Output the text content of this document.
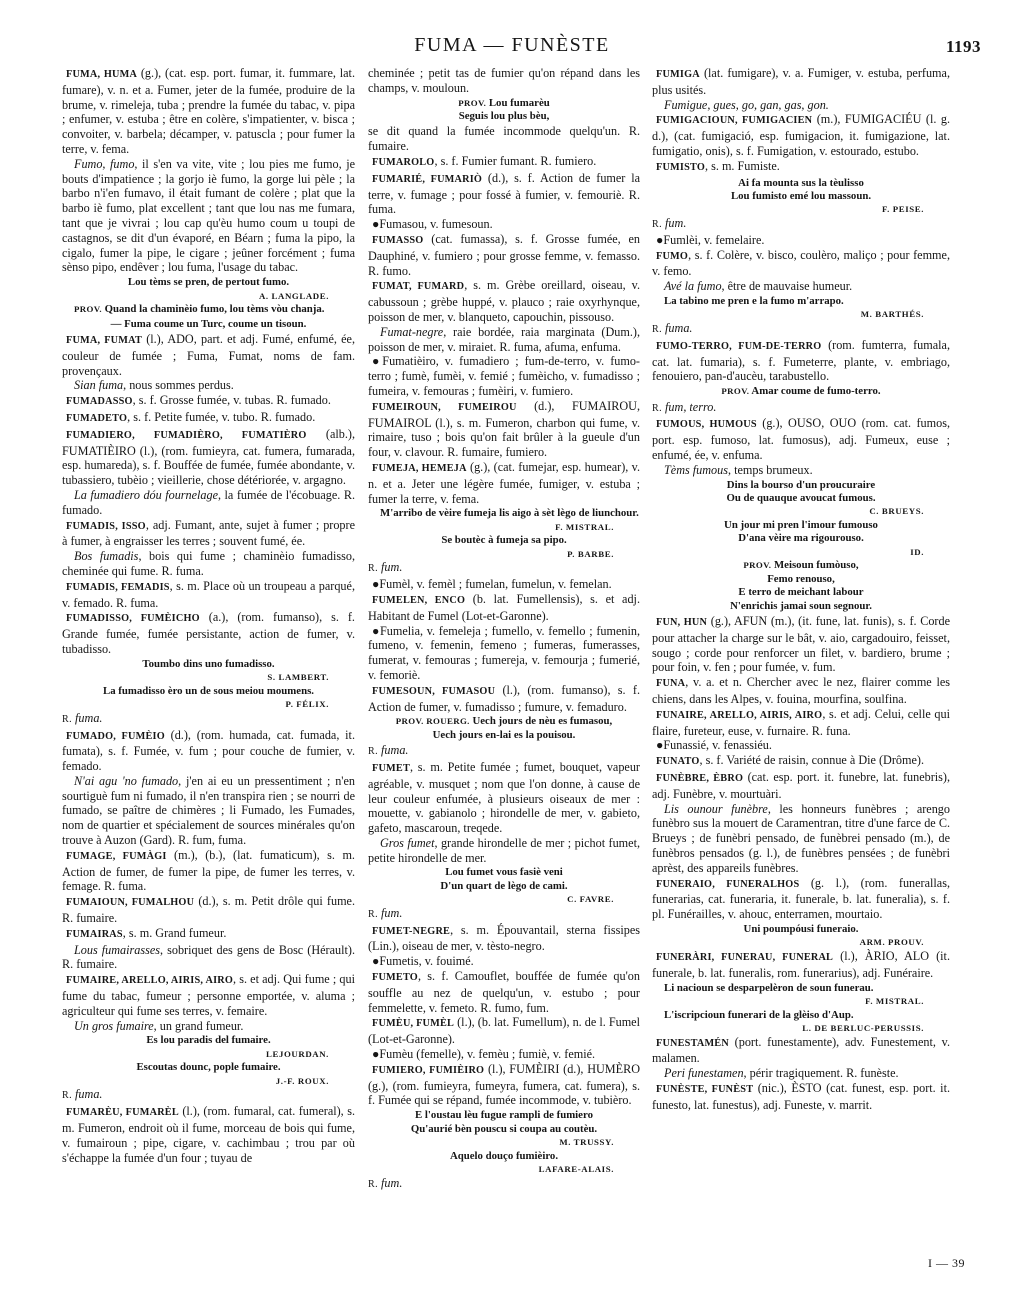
FUMA — FUNÈSTE	1193
FUMA, HUMA (g.), (cat. esp. port. fumar, it. fummare, lat. fumare), v. n. et a. Fumer, jeter de la fumée, produire de la brume, v. rimeleja, tuba ; prendre la fumée du tabac, v. pipa ; enfumer, v. estuba ; être en colère, s'impatienter, v. bisca ; convoiter, v. barbela; décamper, v. patuscla ; pour fumer la terre, v. fema.
Fumo, fumo, il s'en va vite, vite ; lou pies me fumo, je bouts d'impatience ; la gorjo iè fumo, la gorge lui pèle ; la barbo n'i'en fumavo, il était fumant de colère ; plat que la barbo iè fumo, plat excellent ; tant que lou nas me fumara, tant que je vivrai ; lou cap qu'èu humo coum u toupi de castagnos, se dit d'un évaporé, en Béarn ; fuma la pipo, la cigalo, fumer la pipe, le cigare ; jeûner forcément ; fuma sènso pipo, endêver ; lou fuma, l'usage du tabac.
Lou tèms se pren, de pertout fumo.
A. LANGLADE.
PROV. Quand la chaminèio fumo, lou tèms vòu chanja.
— Fuma coume un Turc, coume un tisoun.
FUMA, FUMAT (l.), ADO, part. et adj. Fumé, enfumé, ée, couleur de fumée ; Fuma, Fumat, noms de fam. provençaux.
Sian fuma, nous sommes perdus.
FUMADASSO, s. f. Grosse fumée, v. tubas. R. fumado.
FUMADETO, s. f. Petite fumée, v. tubo. R. fumado.
FUMADIERO, FUMADIÈRO, FUMATIÈRO (alb.), FUMATIÈIRO (l.), (rom. fumieyra, cat. fumera, fumarada, esp. humareda), s. f. Bouffée de fumée, fumée abondante, v. tubassiero, tubèio ; vieillerie, chose détériorée, v. argagno.
La fumadiero dóu fournelage, la fumée de l'écobuage. R. fumado.
FUMADIS, ISSO, adj. Fumant, ante, sujet à fumer ; propre à fumer, à engraisser les terres ; souvent fumé, ée.
Bos fumadis, bois qui fume ; chaminèio fumadisso, cheminée qui fume. R. fuma.
FUMADIS, FEMADIS, s. m. Place où un troupeau a parqué, v. femado. R. fuma.
FUMADISSO, FUMÈICHO (a.), (rom. fumanso), s. f. Grande fumée, fumée persistante, action de fumer, v. tubadisso.
Toumbo dins uno fumadisso.
S. LAMBERT.
La fumadisso èro un de sous meiou moumens.
P. FÉLIX.
R. fuma.
FUMADO, FUMÈIO (d.), (rom. humada, cat. fumada, it. fumata), s. f. Fumée, v. fum ; pour couche de fumier, v. femado.
N'ai agu 'no fumado, j'en ai eu un pressentiment ; n'en sourtiguè fum ni fumado, il n'en transpira rien ; se nourri de fumado, se paître de chimères ; li Fumado, les Fumades, nom de quartier et spécialement de sources minérales qu'on trouve à Auzon (Gard). R. fum, fuma.
FUMAGE, FUMÀGI (m.), (b.), (lat. fumaticum), s. m. Action de fumer, de fumer la pipe, de fumer les terres, v. femage. R. fuma.
FUMAIOUN, FUMALHOU (d.), s. m. Petit drôle qui fume. R. fumaire.
FUMAIRAS, s. m. Grand fumeur.
Lous fumairasses, sobriquet des gens de Bosc (Hérault). R. fumaire.
FUMAIRE, ARELLO, AIRIS, AIRO, s. et adj. Qui fume ; qui fume du tabac, fumeur ; personne emportée, v. aluma ; agriculteur qui fume ses terres, v. femaire.
Un gros fumaire, un grand fumeur.
Es lou paradis del fumaire.
LEJOURDAN.
Escoutas dounc, pople fumaire.
J.-F. ROUX.
R. fuma.
FUMARÈU, FUMARÈL (l.), (rom. fumaral, cat. fumeral), s. m. Fumeron, endroit où il fume, morceau de bois qui fume, v. fumairoun ; pipe, cigare, v. cachimbau ; trou par où s'échappe la fumée d'un four ; tuyau de
cheminée ; petit tas de fumier qu'on répand dans les champs, v. mouloun.
PROV. Lou fumarèu
Seguis lou plus bèu,
se dit quand la fumée incommode quelqu'un. R. fumaire.
FUMAROLO, s. f. Fumier fumant. R. fumiero.
FUMARIÉ, FUMARIÒ (d.), s. f. Action de fumer la terre, v. fumage ; pour fossé à fumier, v. femouriè. R. fuma.
●Fumasou, v. fumesoun.
FUMASSO (cat. fumassa), s. f. Grosse fumée, en Dauphiné, v. fumiero ; pour grosse femme, v. femasso. R. fumo.
FUMAT, FUMARD, s. m. Grèbe oreillard, oiseau, v. cabussoun ; grèbe huppé, v. plauco ; raie oxyrhynque, poisson de mer, v. blanqueto, capouchin, pissouso.
Fumat-negre, raie bordée, raia marginata (Dum.), poisson de mer, v. miraiet. R. fuma, afuma, enfuma.
●Fumatièiro, v. fumadiero ; fum-de-terro, v. fumo-terro ; fumè, fumèi, v. femié ; fumèicho, v. fumadisso ; fumeira, v. femouras ; fumèiri, v. fumiero.
FUMEIROUN, FUMEIROU (d.), FUMAIROU, FUMAIROL (l.), s. m. Fumeron, charbon qui fume, v. rimaire, tuso ; bois qu'on fait brûler à la gueule d'un four, v. clavour. R. fumaire, fumiero.
FUMEJA, HEMEJA (g.), (cat. fumejar, esp. humear), v. n. et a. Jeter une légère fumée, fumiger, v. estuba ; fumer la terre, v. fema.
M'arribo de vèire fumeja lis aigo à sèt lègo de liunchour.
F. MISTRAL.
Se boutèc à fumeja sa pipo.
P. BARBE.
R. fum.
●Fumèl, v. femèl ; fumelan, fumelun, v. femelan.
FUMELEN, ENCO (b. lat. Fumellensis), s. et adj. Habitant de Fumel (Lot-et-Garonne).
●Fumelia, v. femeleja ; fumello, v. femello ; fumenin, fumeno, v. femenin, femeno ; fumeras, fumerasses, fumerat, v. femouras ; fumereja, v. femourja ; fumerié, v. femoriè.
FUMESOUN, FUMASOU (l.), (rom. fumanso), s. f. Action de fumer, v. fumadisso ; fumure, v. femaduro.
PROV. ROUERG. Uech jours de nèu es fumasou,
Uech jours en-lai es la pouisou.
R. fuma.
FUMET, s. m. Petite fumée ; fumet, bouquet, vapeur agréable, v. musquet ; nom que l'on donne, à cause de leur couleur enfumée, à plusieurs oiseaux de mer : mouette, v. gabianolo ; hirondelle de mer, v. gabieto, gafeto, mascaroun, treqede.
Gros fumet, grande hirondelle de mer ; pichot fumet, petite hirondelle de mer.
Lou fumet vous fasiè veni
D'un quart de lègo de cami.
C. FAVRE.
R. fum.
FUMET-NEGRE, s. m. Épouvantail, sterna fissipes (Lin.), oiseau de mer, v. tèsto-negro.
●Fumetis, v. fouimé.
FUMETO, s. f. Camouflet, bouffée de fumée qu'on souffle au nez de quelqu'un, v. estubo ; pour femmelette, v. femeto. R. fumo, fum.
FUMÈU, FUMÈL (l.), (b. lat. Fumellum), n. de l. Fumel (Lot-et-Garonne).
●Fumèu (femelle), v. femèu ; fumiè, v. femié.
FUMIERO, FUMIÈIRO (l.), FUMÈIRI (d.), HUMÈRO (g.), (rom. fumieyra, fumeyra, fumera, cat. fumera), s. f. Fumée qui se répand, fumée incommode, v. tubièro.
E l'oustau lèu fugue rampli de fumiero
Qu'aurié bèn pouscu si coupa au coutèu.
M. TRUSSY.
Aquelo douço fumièiro.
LAFARE-ALAIS.
R. fum.
FUMIGA (lat. fumigare), v. a. Fumiger, v. estuba, perfuma, plus usités.
Fumigue, gues, go, gan, gas, gon.
FUMIGACIOUN, FUMIGACIEN (m.), FUMIGACIÉU (l. g. d.), (cat. fumigació, esp. fumigacion, it. fumigazione, lat. fumigatio, onis), s. f. Fumigation, v. estourado, estubo.
FUMISTO, s. m. Fumiste.
Ai fa mounta sus la tèulisso
Lou fumisto emé lou massoun.
F. PEISE.
R. fum.
●Fumlèi, v. femelaire.
FUMO, s. f. Colère, v. bisco, coulèro, maliço ; pour femme, v. femo.
Avé la fumo, être de mauvaise humeur.
La tabino me pren e la fumo m'arrapo.
M. BARTHÉS.
R. fuma.
FUMO-TERRO, FUM-DE-TERRO (rom. fumterra, fumala, cat. lat. fumaria), s. f. Fumeterre, plante, v. embriago, fenouiero, pan-d'aucèu, tarabustello.
PROV. Amar coume de fumo-terro.
R. fum, terro.
FUMOUS, HUMOUS (g.), OUSO, OUO (rom. cat. fumos, port. esp. fumoso, lat. fumosus), adj. Fumeux, euse ; enfumé, ée, v. enfuma.
Tèms fumous, temps brumeux.
Dins la bourso d'un proucuraire
Ou de quauque avoucat fumous.
C. BRUEYS.
Un jour mi pren l'imour fumouso
D'ana vèire ma rigourouso.
ID.
PROV. Meisoun fumòuso,
Femo renouso,
E terro de meichant labour
N'enrichis jamai soun segnour.
FUN, HUN (g.), AFUN (m.), (it. fune, lat. funis), s. f. Corde pour attacher la charge sur le bât, v. aio, cargadouiro, feisset, sougo ; corde pour renforcer un filet, v. bardiero, brume ; pour foin, v. fen ; pour fumée, v. fum.
FUNA, v. a. et n. Chercher avec le nez, flairer comme les chiens, dans les Alpes, v. fouina, mourfina, soulfina.
FUNAIRE, ARELLO, AIRIS, AIRO, s. et adj. Celui, celle qui flaire, fureteur, euse, v. furnaire. R. funa.
●Funassié, v. fenassiéu.
FUNATO, s. f. Variété de raisin, connue à Die (Drôme).
FUNÈBRE, ÈBRO (cat. esp. port. it. funebre, lat. funebris), adj. Funèbre, v. mourtuàri.
Lis ounour funèbre, les honneurs funèbres ; arengo funèbro sus la mouert de Caramentran, titre d'une farce de C. Brueys ; de funèbri pensado, de funèbrei pensado (m.), de funèbros pensados (g. l.), de funèbres pensées ; de funèbri aprèst, des appareils funèbres.
FUNERAIO, FUNERALHOS (g. l.), (rom. funerallas, funerarias, cat. funeraria, it. funerale, b. lat. funeralia), s. f. pl. Funérailles, v. ahouc, enterramen, mourtaio.
Uni poumpóusi funeraio.
ARM. PROUV.
FUNERÀRI, FUNERAU, FUNERAL (l.), ÀRIO, ALO (it. funerale, b. lat. funeralis, rom. funerarius), adj. Funéraire.
Li nacioun se desparpelèron de soun funerau.
F. MISTRAL.
L'iscripcioun funerari de la glèiso d'Aup.
L. DE BERLUC-PERUSSIS.
FUNESTAMÉN (port. funestamente), adv. Funestement, v. malamen.
Peri funestamen, périr tragiquement. R. funèste.
FUNÈSTE, FUNÈST (nic.), ÈSTO (cat. funest, esp. port. it. funesto, lat. funestus), adj. Funeste, v. marrit.
I — 39
